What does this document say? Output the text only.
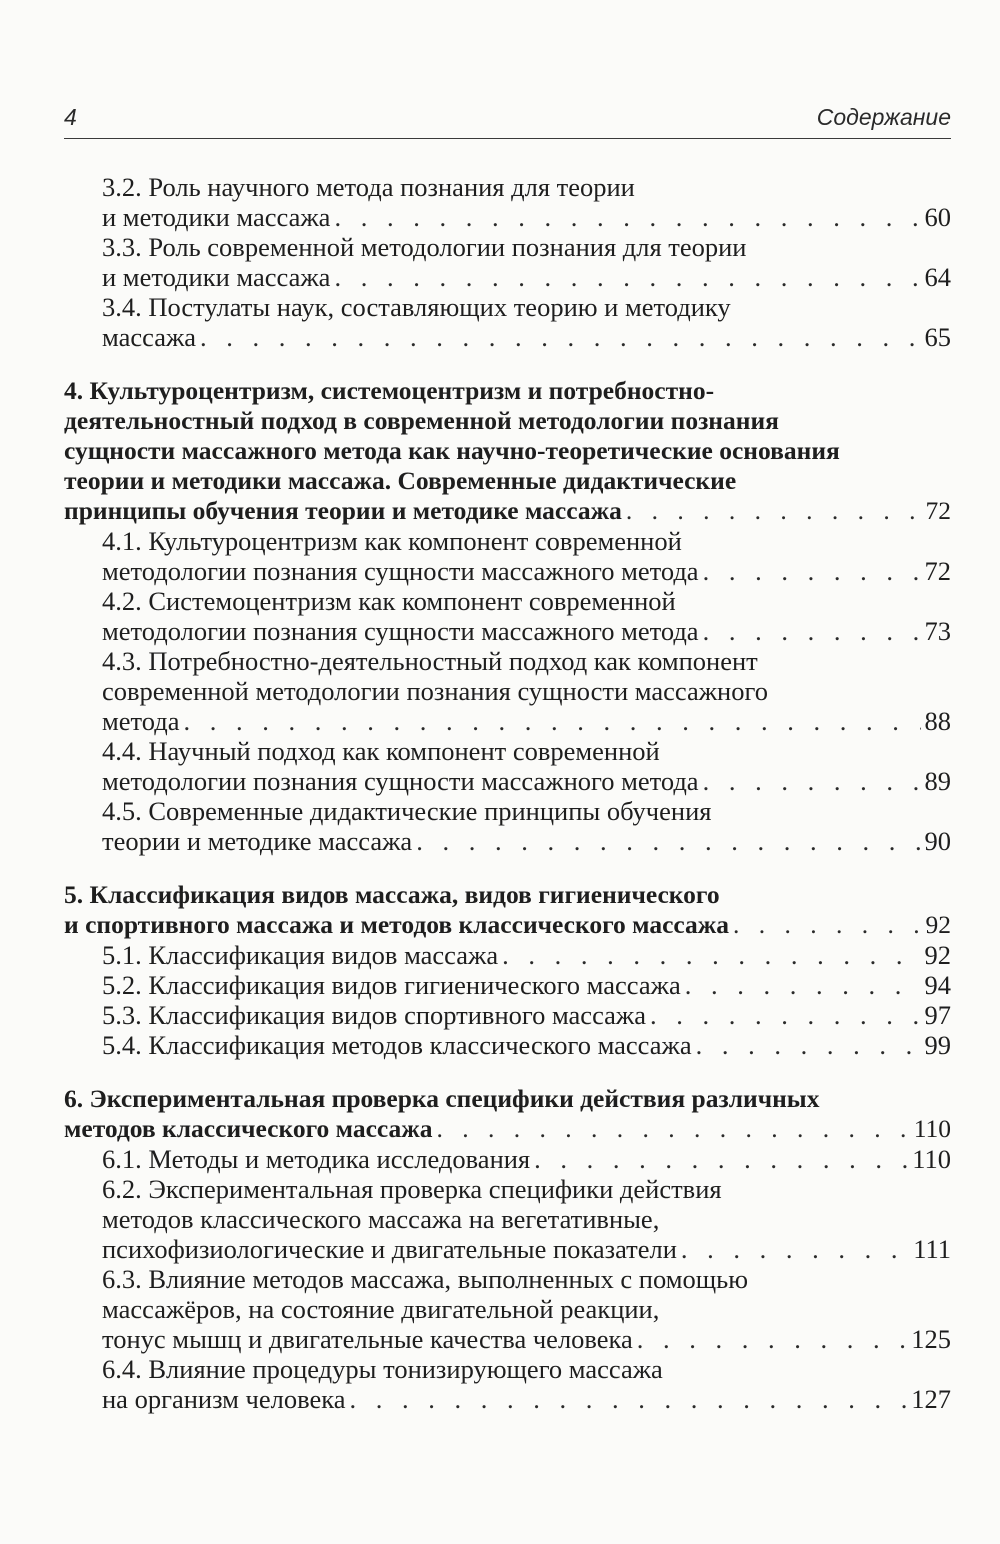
4	Содержание
3.2. Роль научного метода познания для теории
и методики массажа . . .	60
3.3. Роль современной методологии познания для теории
и методики массажа . . .	64
3.4. Постулаты наук, составляющих теорию и методику
массажа . . .	65
4. Культуроцентризм, системоцентризм и потребностно-
деятельностный подход в современной методологии познания
сущности массажного метода как научно-теоретические основания
теории и методики массажа. Современные дидактические
принципы обучения теории и методике массажа . . .	72
4.1. Культуроцентризм как компонент современной
методологии познания сущности массажного метода . . .	72
4.2. Системоцентризм как компонент современной
методологии познания сущности массажного метода . . .	73
4.3. Потребностно-деятельностный подход как компонент
современной методологии познания сущности массажного
метода . . .	88
4.4. Научный подход как компонент современной
методологии познания сущности массажного метода . . .	89
4.5. Современные дидактические принципы обучения
теории и методике массажа . . .	90
5. Классификация видов массажа, видов гигиенического
и спортивного массажа и методов классического массажа . . .	92
5.1. Классификация видов массажа . . .	92
5.2. Классификация видов гигиенического массажа . . .	94
5.3. Классификация видов спортивного массажа . . .	97
5.4. Классификация методов классического массажа . . .	99
6. Экспериментальная проверка специфики действия различных
методов классического массажа . . .	110
6.1. Методы и методика исследования . . .	110
6.2. Экспериментальная проверка специфики действия
методов классического массажа на вегетативные,
психофизиологические и двигательные показатели . . .	111
6.3. Влияние методов массажа, выполненных с помощью
массажёров, на состояние двигательной реакции,
тонус мышц и двигательные качества человека . . .	125
6.4. Влияние процедуры тонизирующего массажа
на организм человека . . .	127
